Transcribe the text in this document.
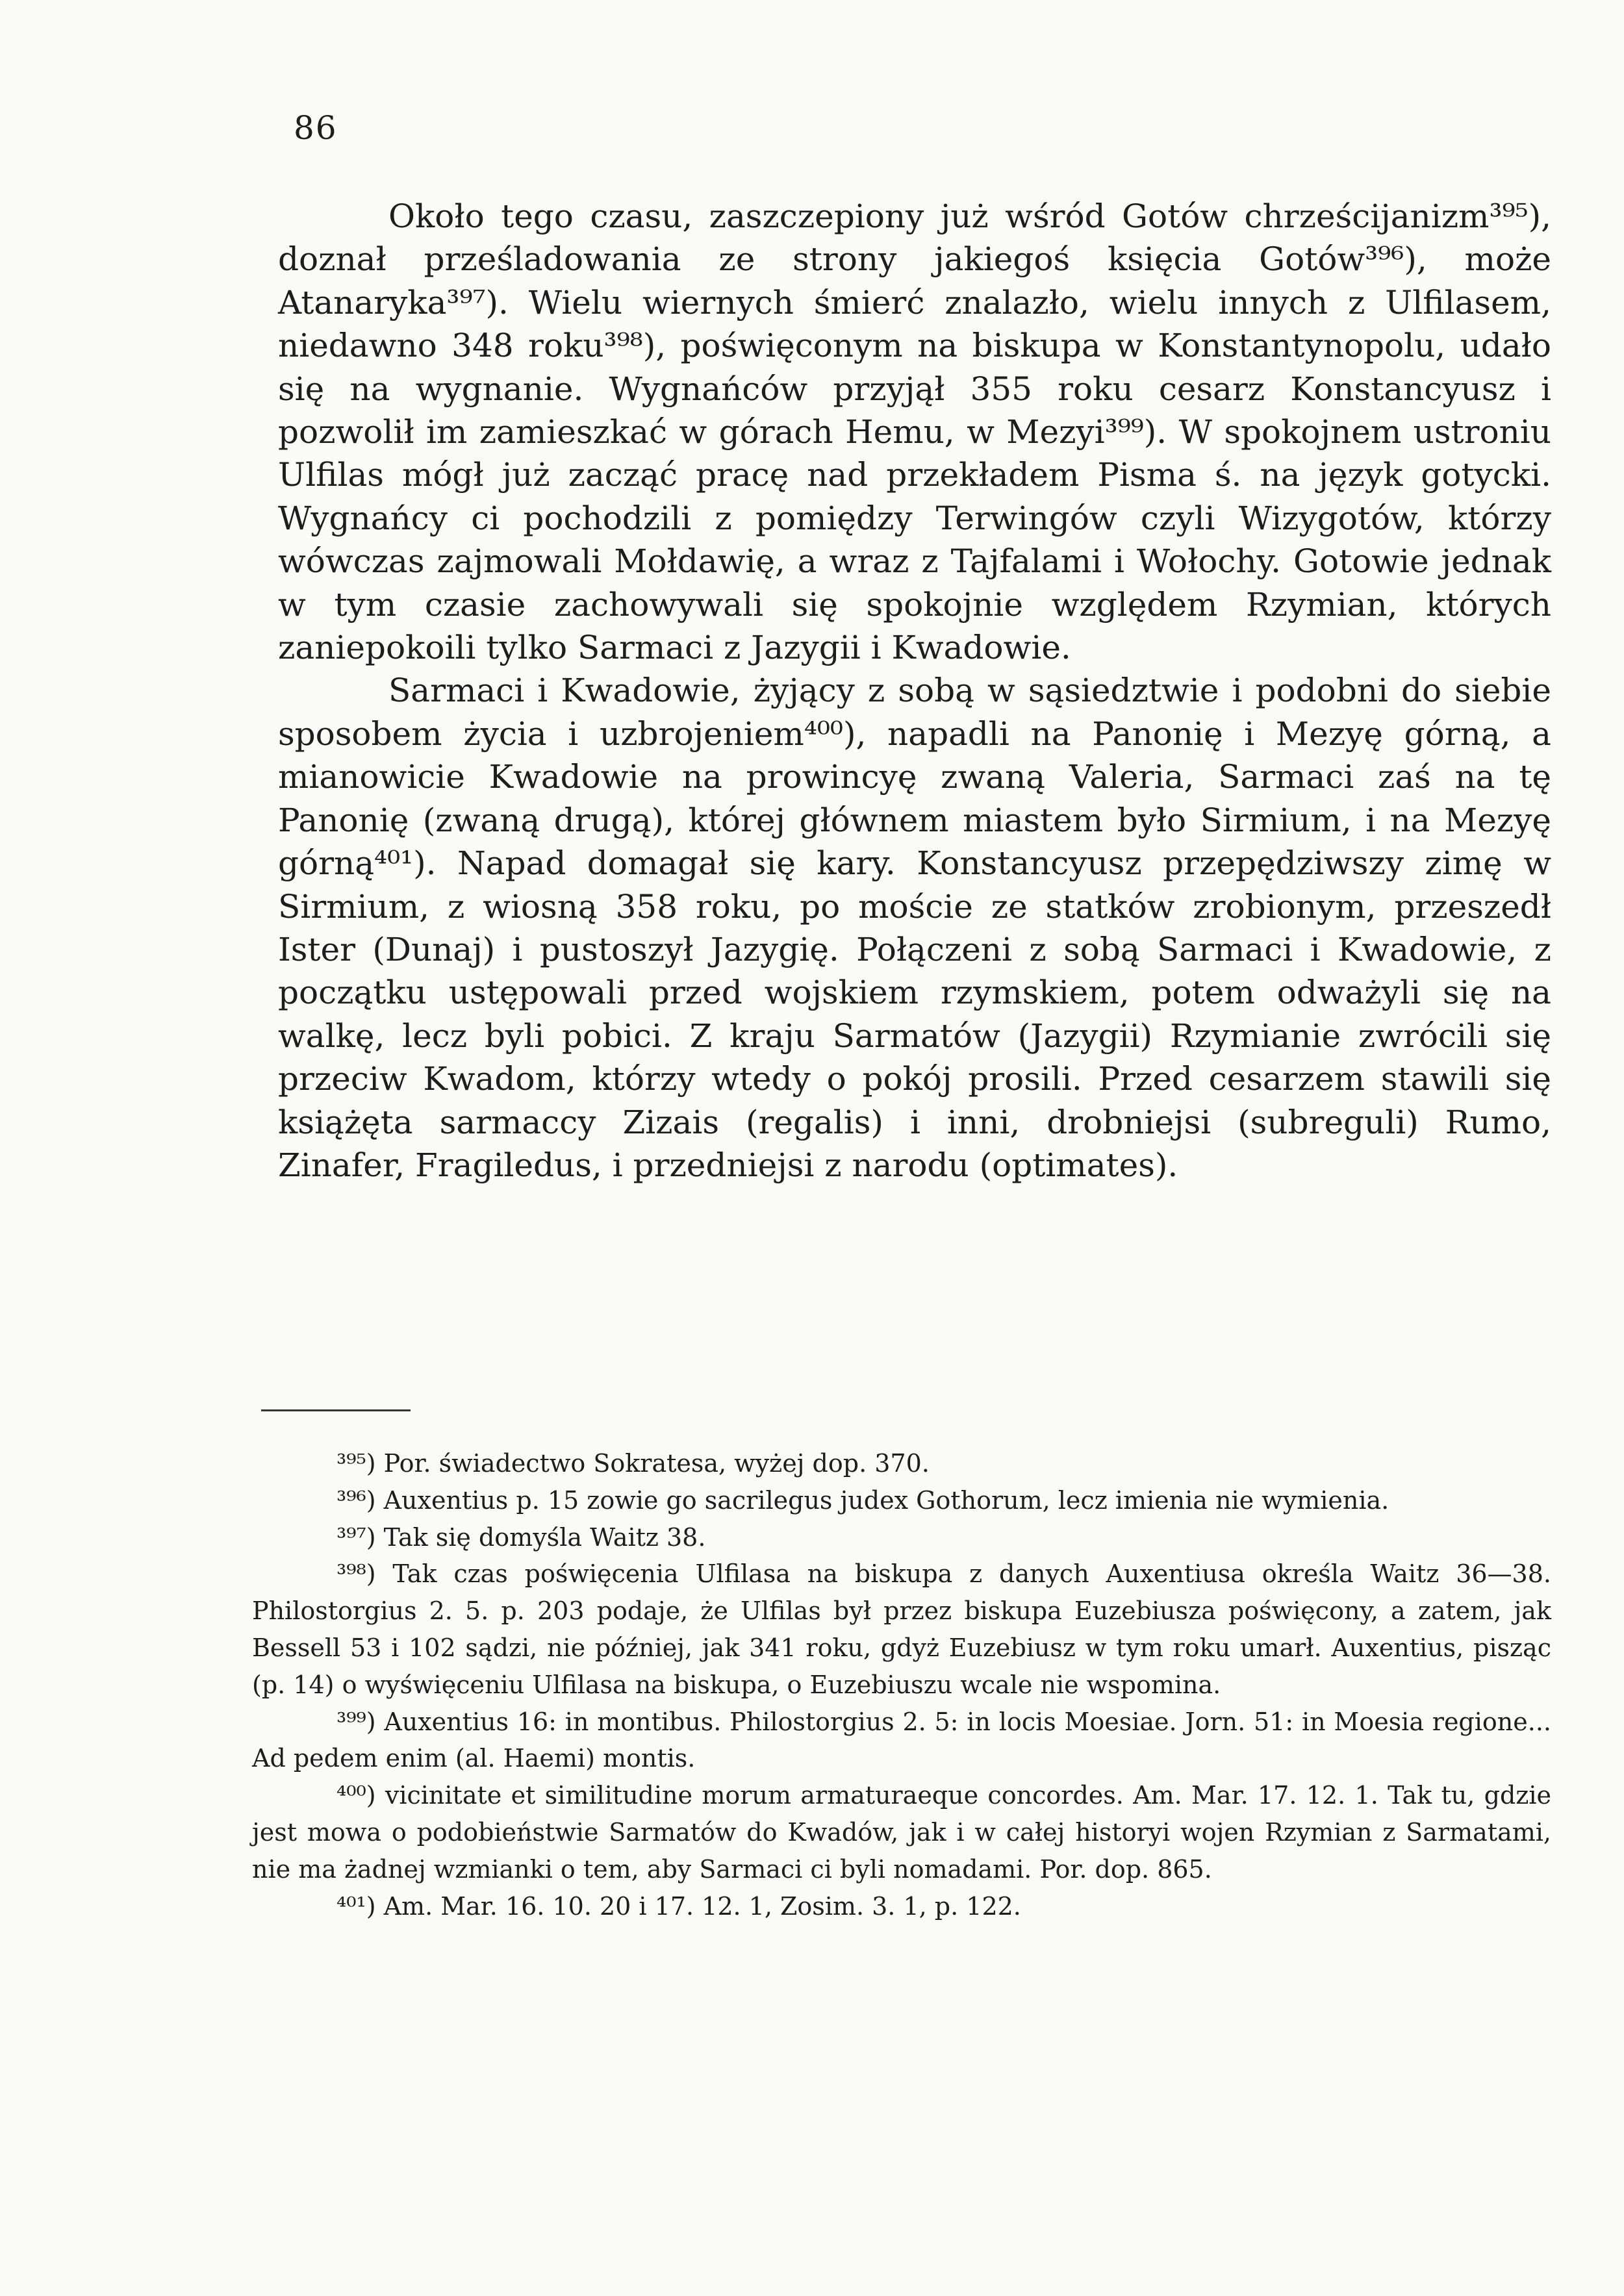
86

Około tego czasu, zaszczepiony już wśród Gotów chrześcijanizm³⁹⁵), doznał prześladowania ze strony jakiegoś księcia Gotów³⁹⁶), może Atanaryka³⁹⁷). Wielu wiernych śmierć znalazło, wielu innych z Ulfilasem, niedawno 348 roku³⁹⁸), poświęconym na biskupa w Konstantynopolu, udało się na wygnanie. Wygnańców przyjął 355 roku cesarz Konstancyusz i pozwolił im zamieszkać w górach Hemu, w Mezyi³⁹⁹). W spokojnem ustroniu Ulfilas mógł już zacząć pracę nad przekładem Pisma ś. na język gotycki. Wygnańcy ci pochodzili z pomiędzy Terwingów czyli Wizygotów, którzy wówczas zajmowali Mołdawię, a wraz z Tajfalami i Wołochy. Gotowie jednak w tym czasie zachowywali się spokojnie względem Rzymian, których zaniepokoili tylko Sarmaci z Jazygii i Kwadowie.

Sarmaci i Kwadowie, żyjący z sobą w sąsiedztwie i podobni do siebie sposobem życia i uzbrojeniem⁴⁰⁰), napadli na Panonię i Mezyę górną, a mianowicie Kwadowie na prowincyę zwaną Valeria, Sarmaci zaś na tę Panonię (zwaną drugą), której głównem miastem było Sirmium, i na Mezyę górną⁴⁰¹). Napad domagał się kary. Konstancyusz przepędziwszy zimę w Sirmium, z wiosną 358 roku, po moście ze statków zrobionym, przeszedł Ister (Dunaj) i pustoszył Jazygię. Połączeni z sobą Sarmaci i Kwadowie, z początku ustępowali przed wojskiem rzymskiem, potem odważyli się na walkę, lecz byli pobici. Z kraju Sarmatów (Jazygii) Rzymianie zwrócili się przeciw Kwadom, którzy wtedy o pokój prosili. Przed cesarzem stawili się książęta sarmaccy Zizais (regalis) i inni, drobniejsi (subreguli) Rumo, Zinafer, Fragiledus, i przedniejsi z narodu (optimates).

³⁹⁵) Por. świadectwo Sokratesa, wyżej dop. 370.

³⁹⁶) Auxentius p. 15 zowie go sacrilegus judex Gothorum, lecz imienia nie wymienia.

³⁹⁷) Tak się domyśla Waitz 38.

³⁹⁸) Tak czas poświęcenia Ulfilasa na biskupa z danych Auxentiusa określa Waitz 36—38. Philostorgius 2. 5. p. 203 podaje, że Ulfilas był przez biskupa Euzebiusza poświęcony, a zatem, jak Bessell 53 i 102 sądzi, nie później, jak 341 roku, gdyż Euzebiusz w tym roku umarł. Auxentius, pisząc (p. 14) o wyświęceniu Ulfilasa na biskupa, o Euzebiuszu wcale nie wspomina.

³⁹⁹) Auxentius 16: in montibus. Philostorgius 2. 5: in locis Moesiae. Jorn. 51: in Moesia regione... Ad pedem enim (al. Haemi) montis.

⁴⁰⁰) vicinitate et similitudine morum armaturaeque concordes. Am. Mar. 17. 12. 1. Tak tu, gdzie jest mowa o podobieństwie Sarmatów do Kwadów, jak i w całej historyi wojen Rzymian z Sarmatami, nie ma żadnej wzmianki o tem, aby Sarmaci ci byli nomadami. Por. dop. 865.

⁴⁰¹) Am. Mar. 16. 10. 20 i 17. 12. 1, Zosim. 3. 1, p. 122.
